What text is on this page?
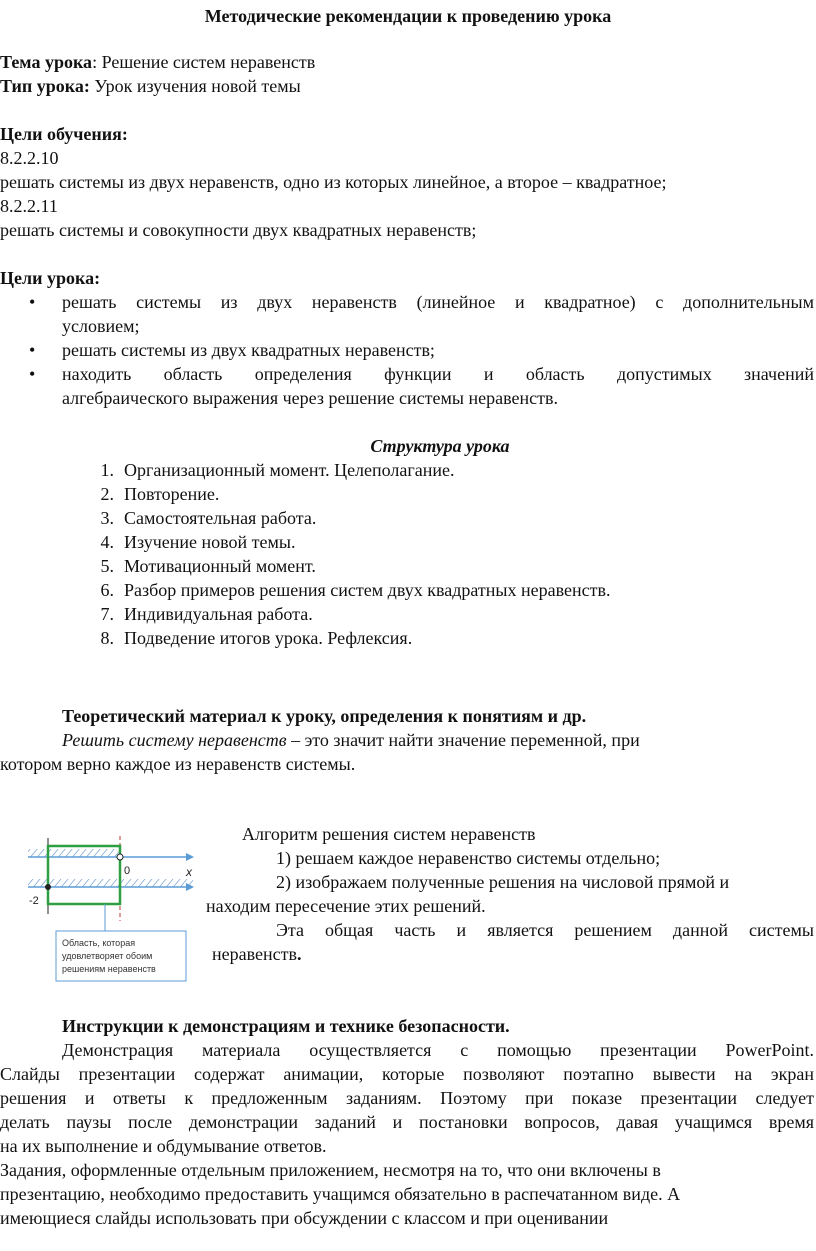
Методические рекомендации к проведению урока
Тема урока: Решение систем неравенств
Тип урока: Урок изучения новой темы
Цели обучения:
8.2.2.10
решать системы из двух неравенств, одно из которых линейное, а второе – квадратное;
8.2.2.11
решать системы и совокупности двух квадратных неравенств;
Цели урока:
• решать системы из двух неравенств (линейное и квадратное) с дополнительным
условием;
• решать системы из двух квадратных неравенств;
• находить область определения функции и область допустимых значений
алгебраического выражения через решение системы неравенств.
Структура урока
1. Организационный момент. Целеполагание.
2. Повторение.
3. Самостоятельная работа.
4. Изучение новой темы.
5. Мотивационный момент.
6. Разбор примеров решения систем двух квадратных неравенств.
7. Индивидуальная работа.
8. Подведение итогов урока. Рефлексия.
Теоретический материал к уроку, определения к понятиям и др.
Решить систему неравенств – это значит найти значение переменной, при
котором верно каждое из неравенств системы.
0	x
-2
Область, которая
удовлетворяет обоим
решениям неравенств
Алгоритм решения систем неравенств
1) решаем каждое неравенство системы отдельно;
2) изображаем полученные решения на числовой прямой и
находим пересечение этих решений.
Эта общая часть и является решением данной системы
неравенств.
Инструкции к демонстрациям и технике безопасности.
Демонстрация материала осуществляется с помощью презентации PowerPoint.
Слайды презентации содержат анимации, которые позволяют поэтапно вывести на экран
решения и ответы к предложенным заданиям. Поэтому при показе презентации следует
делать паузы после демонстрации заданий и постановки вопросов, давая учащимся время
на их выполнение и обдумывание ответов.
Задания, оформленные отдельным приложением, несмотря на то, что они включены в
презентацию, необходимо предоставить учащимся обязательно в распечатанном виде. А
имеющиеся слайды использовать при обсуждении с классом и при оценивании
